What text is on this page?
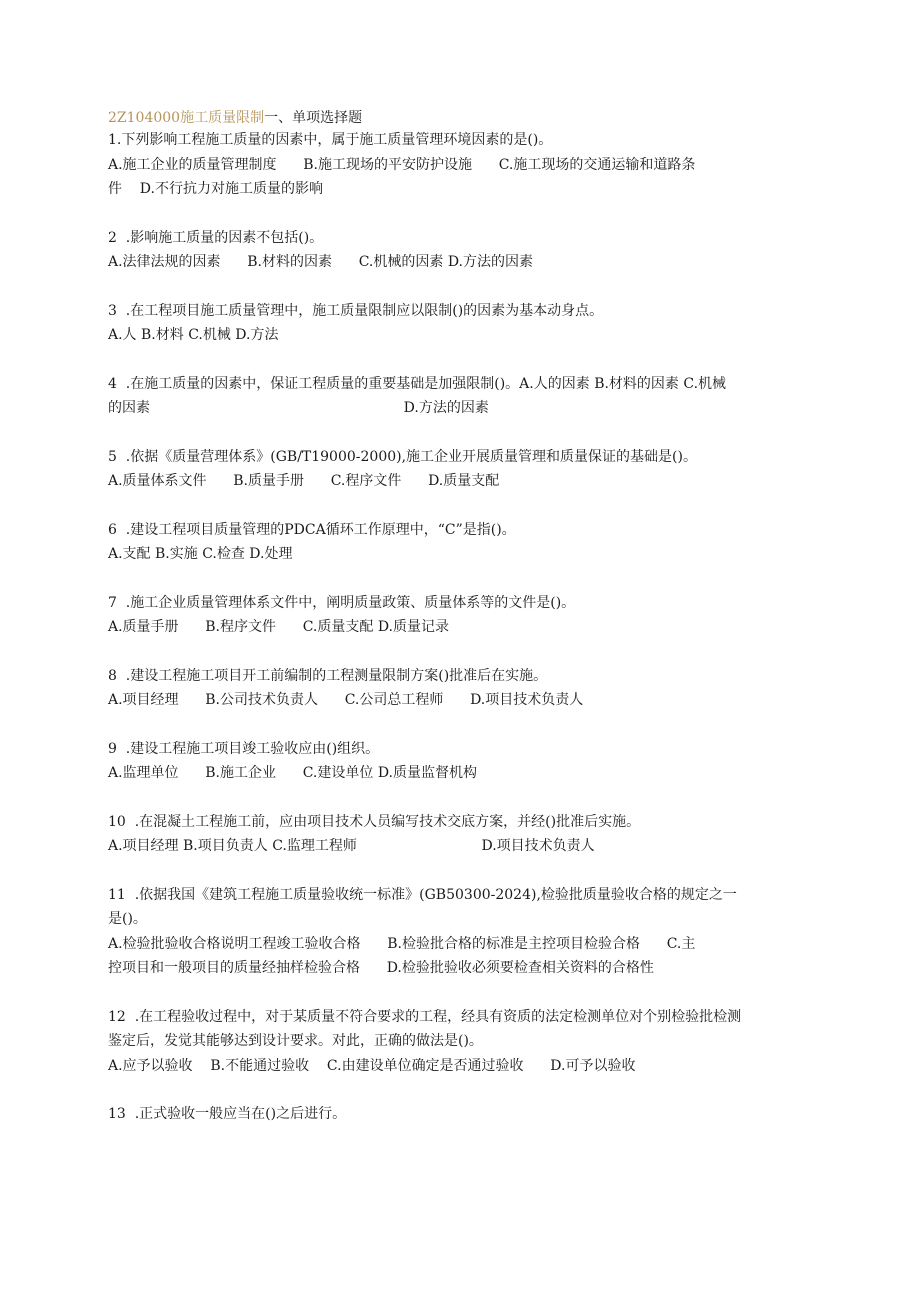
2Z104000施工质量限制一、单项选择题
1.下列影响工程施工质量的因素中，属于施工质量管理环境因素的是()。
A.施工企业的质量管理制度      B.施工现场的平安防护设施      C.施工现场的交通运输和道路条
件    D.不行抗力对施工质量的影响
2  .影响施工质量的因素不包括()。
A.法律法规的因素      B.材料的因素      C.机械的因素 D.方法的因素
3  .在工程项目施工质量管理中，施工质量限制应以限制()的因素为基本动身点。
A.人 B.材料 C.机械 D.方法
4  .在施工质量的因素中，保证工程质量的重要基础是加强限制()。A.人的因素 B.材料的因素 C.机械
的因素                                                         D.方法的因素
5  .依据《质量营理体系》(GB/T19000-2000),施工企业开展质量管理和质量保证的基础是()。
A.质量体系文件      B.质量手册      C.程序文件      D.质量支配
6  .建设工程项目质量管理的PDCA循环工作原理中，“C”是指()。
A.支配 B.实施 C.检查 D.处理
7  .施工企业质量管理体系文件中，阐明质量政策、质量体系等的文件是()。
A.质量手册      B.程序文件      C.质量支配 D.质量记录
8  .建设工程施工项目开工前编制的工程测量限制方案()批准后在实施。
A.项目经理      B.公司技术负责人      C.公司总工程师      D.项目技术负责人
9  .建设工程施工项目竣工验收应由()组织。
A.监理单位      B.施工企业      C.建设单位 D.质量监督机构
10  .在混凝土工程施工前，应由项目技术人员编写技术交底方案，并经()批准后实施。
A.项目经理 B.项目负责人 C.监理工程师                            D.项目技术负责人
11  .依据我国《建筑工程施工质量验收统一标准》(GB50300-2024),检验批质量验收合格的规定之一
是()。
A.检验批验收合格说明工程竣工验收合格      B.检验批合格的标准是主控项目检验合格      C.主
控项目和一般项目的质量经抽样检验合格      D.检验批验收必须要检查相关资料的合格性
12  .在工程验收过程中，对于某质量不符合要求的工程，经具有资质的法定检测单位对个别检验批检测
鉴定后，发觉其能够达到设计要求。对此，正确的做法是()。
A.应予以验收    B.不能通过验收    C.由建设单位确定是否通过验收      D.可予以验收
13  .正式验收一般应当在()之后进行。
